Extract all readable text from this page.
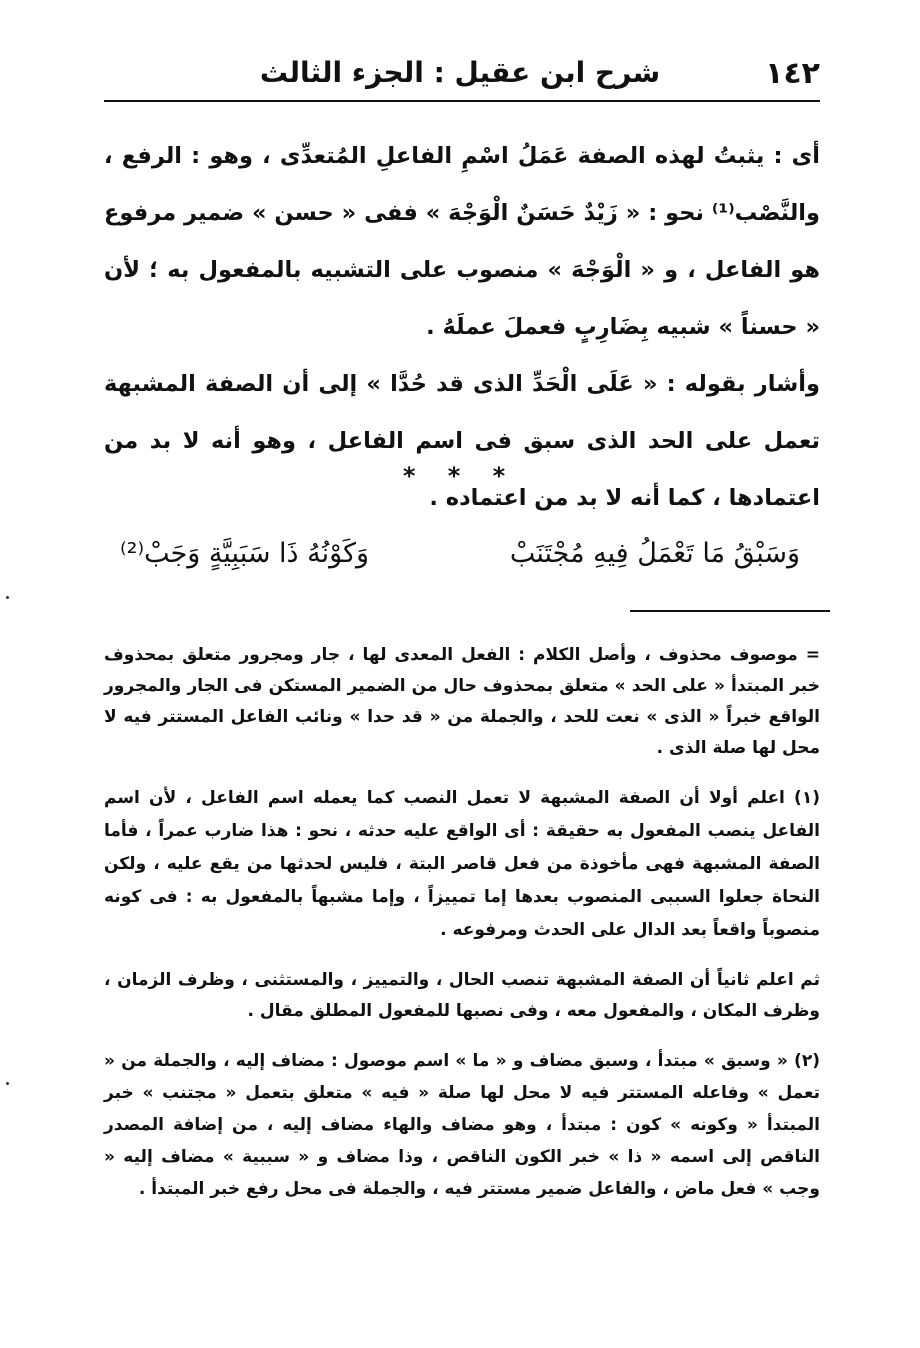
١٤٢
شرح ابن عقيل : الجزء الثالث

أى : يثبتُ لهذه الصفة عَمَلُ اسْمِ الفاعلِ المُتعدِّى ، وهو : الرفع ، والنَّصْب⁽¹⁾ نحو : « زَيْدٌ حَسَنٌ الْوَجْهَ » ففى « حسن » ضمير مرفوع هو الفاعل ، و « الْوَجْهَ » منصوب على التشبيه بالمفعول به ؛ لأن « حسناً » شبيه بِضَارِبٍ فعملَ عملَهُ .

وأشار بقوله : « عَلَى الْحَدِّ الذى قد حُدَّا » إلى أن الصفة المشبهة تعمل على الحد الذى سبق فى اسم الفاعل ، وهو أنه لا بد من اعتمادها ، كما أنه لا بد من اعتماده .

* * *
وَسَبْقُ مَا تَعْمَلُ فِيهِ مُجْتَنَبْ
وَكَوْنُهُ ذَا سَبَبِيَّةٍ وَجَبْ⁽²⁾

= موصوف محذوف ، وأصل الكلام : الفعل المعدى لها ، جار ومجرور متعلق بمحذوف خبر المبتدأ « على الحد » متعلق بمحذوف حال من الضمير المستكن فى الجار والمجرور الواقع خبراً « الذى » نعت للحد ، والجملة من « قد حدا » ونائب الفاعل المستتر فيه لا محل لها صلة الذى .

(١) اعلم أولا أن الصفة المشبهة لا تعمل النصب كما يعمله اسم الفاعل ، لأن اسم الفاعل ينصب المفعول به حقيقة : أى الواقع عليه حدثه ، نحو : هذا ضارب عمراً ، فأما الصفة المشبهة فهى مأخوذة من فعل قاصر البتة ، فليس لحدثها من يقع عليه ، ولكن النحاة جعلوا السببى المنصوب بعدها إما تمييزاً ، وإما مشبهاً بالمفعول به : فى كونه منصوباً واقعاً بعد الدال على الحدث ومرفوعه .

ثم اعلم ثانياً أن الصفة المشبهة تنصب الحال ، والتمييز ، والمستثنى ، وظرف الزمان ، وظرف المكان ، والمفعول معه ، وفى نصبها للمفعول المطلق مقال .

(٢) « وسبق » مبتدأ ، وسبق مضاف و « ما » اسم موصول : مضاف إليه ، والجملة من « تعمل » وفاعله المستتر فيه لا محل لها صلة « فيه » متعلق بتعمل « مجتنب » خبر المبتدأ « وكونه » كون : مبتدأ ، وهو مضاف والهاء مضاف إليه ، من إضافة المصدر الناقص إلى اسمه « ذا » خبر الكون الناقص ، وذا مضاف و « سببية » مضاف إليه « وجب » فعل ماض ، والفاعل ضمير مستتر فيه ، والجملة فى محل رفع خبر المبتدأ .
